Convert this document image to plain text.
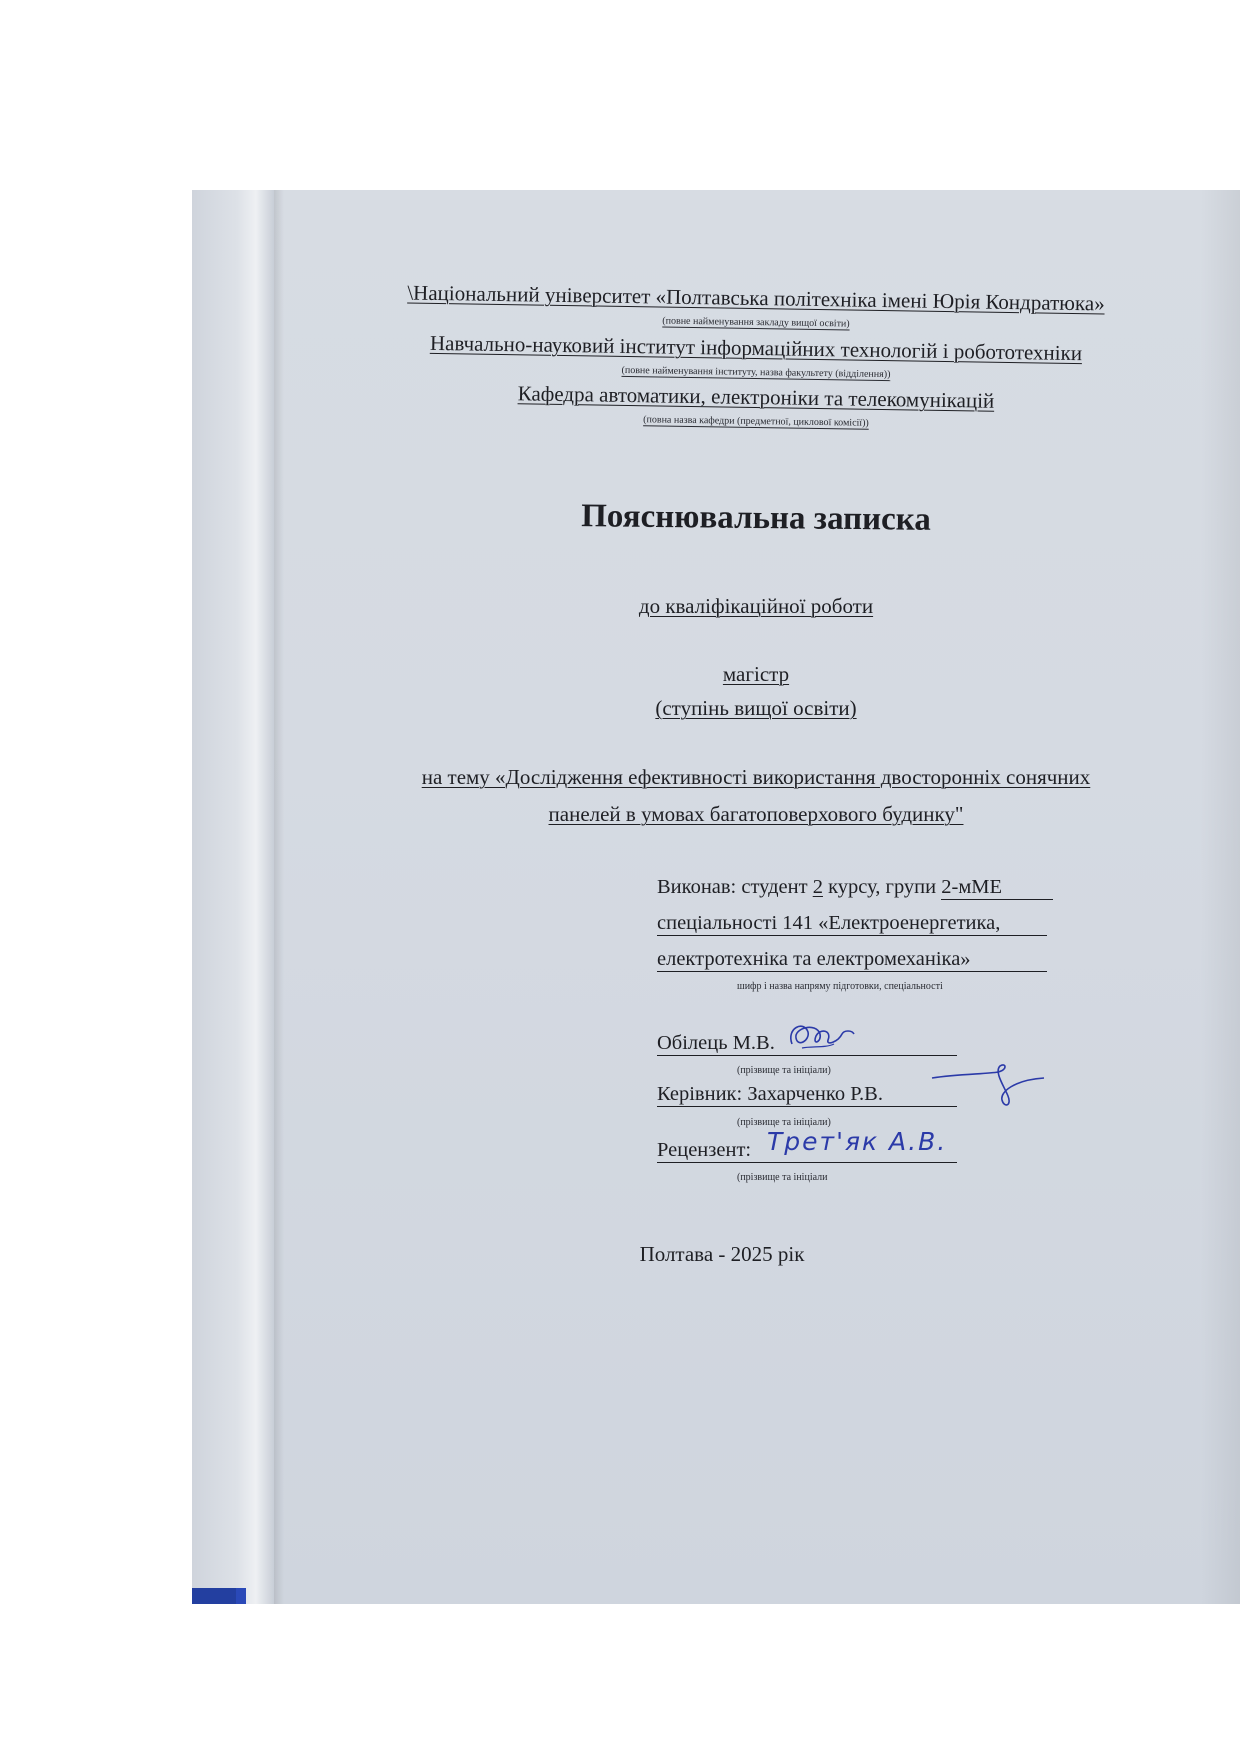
\Національний університет «Полтавська політехніка імені Юрія Кондратюка»
(повне найменування закладу вищої освіти)
Навчально-науковий інститут інформаційних технологій і робототехніки
(повне найменування інституту, назва факультету (відділення))
Кафедра автоматики, електроніки та телекомунікацій
(повна назва кафедри (предметної, циклової комісії))
Пояснювальна записка
до кваліфікаційної роботи
магістр
(ступінь вищої освіти)
на тему «Дослідження ефективності використання двосторонніх сонячних
панелей в умовах багатоповерхового будинку"
Виконав: студент 2 курсу, групи 2-мМЕ
спеціальності 141 «Електроенергетика,
електротехніка та електромеханіка»
шифр і назва напряму підготовки, спеціальності
Обілець М.В.
(прізвище та ініціали)
Керівник: Захарченко Р.В.
(прізвище та ініціали)
Рецензент: Трет'як А.В.
(прізвище та ініціали
Полтава - 2025 рік
